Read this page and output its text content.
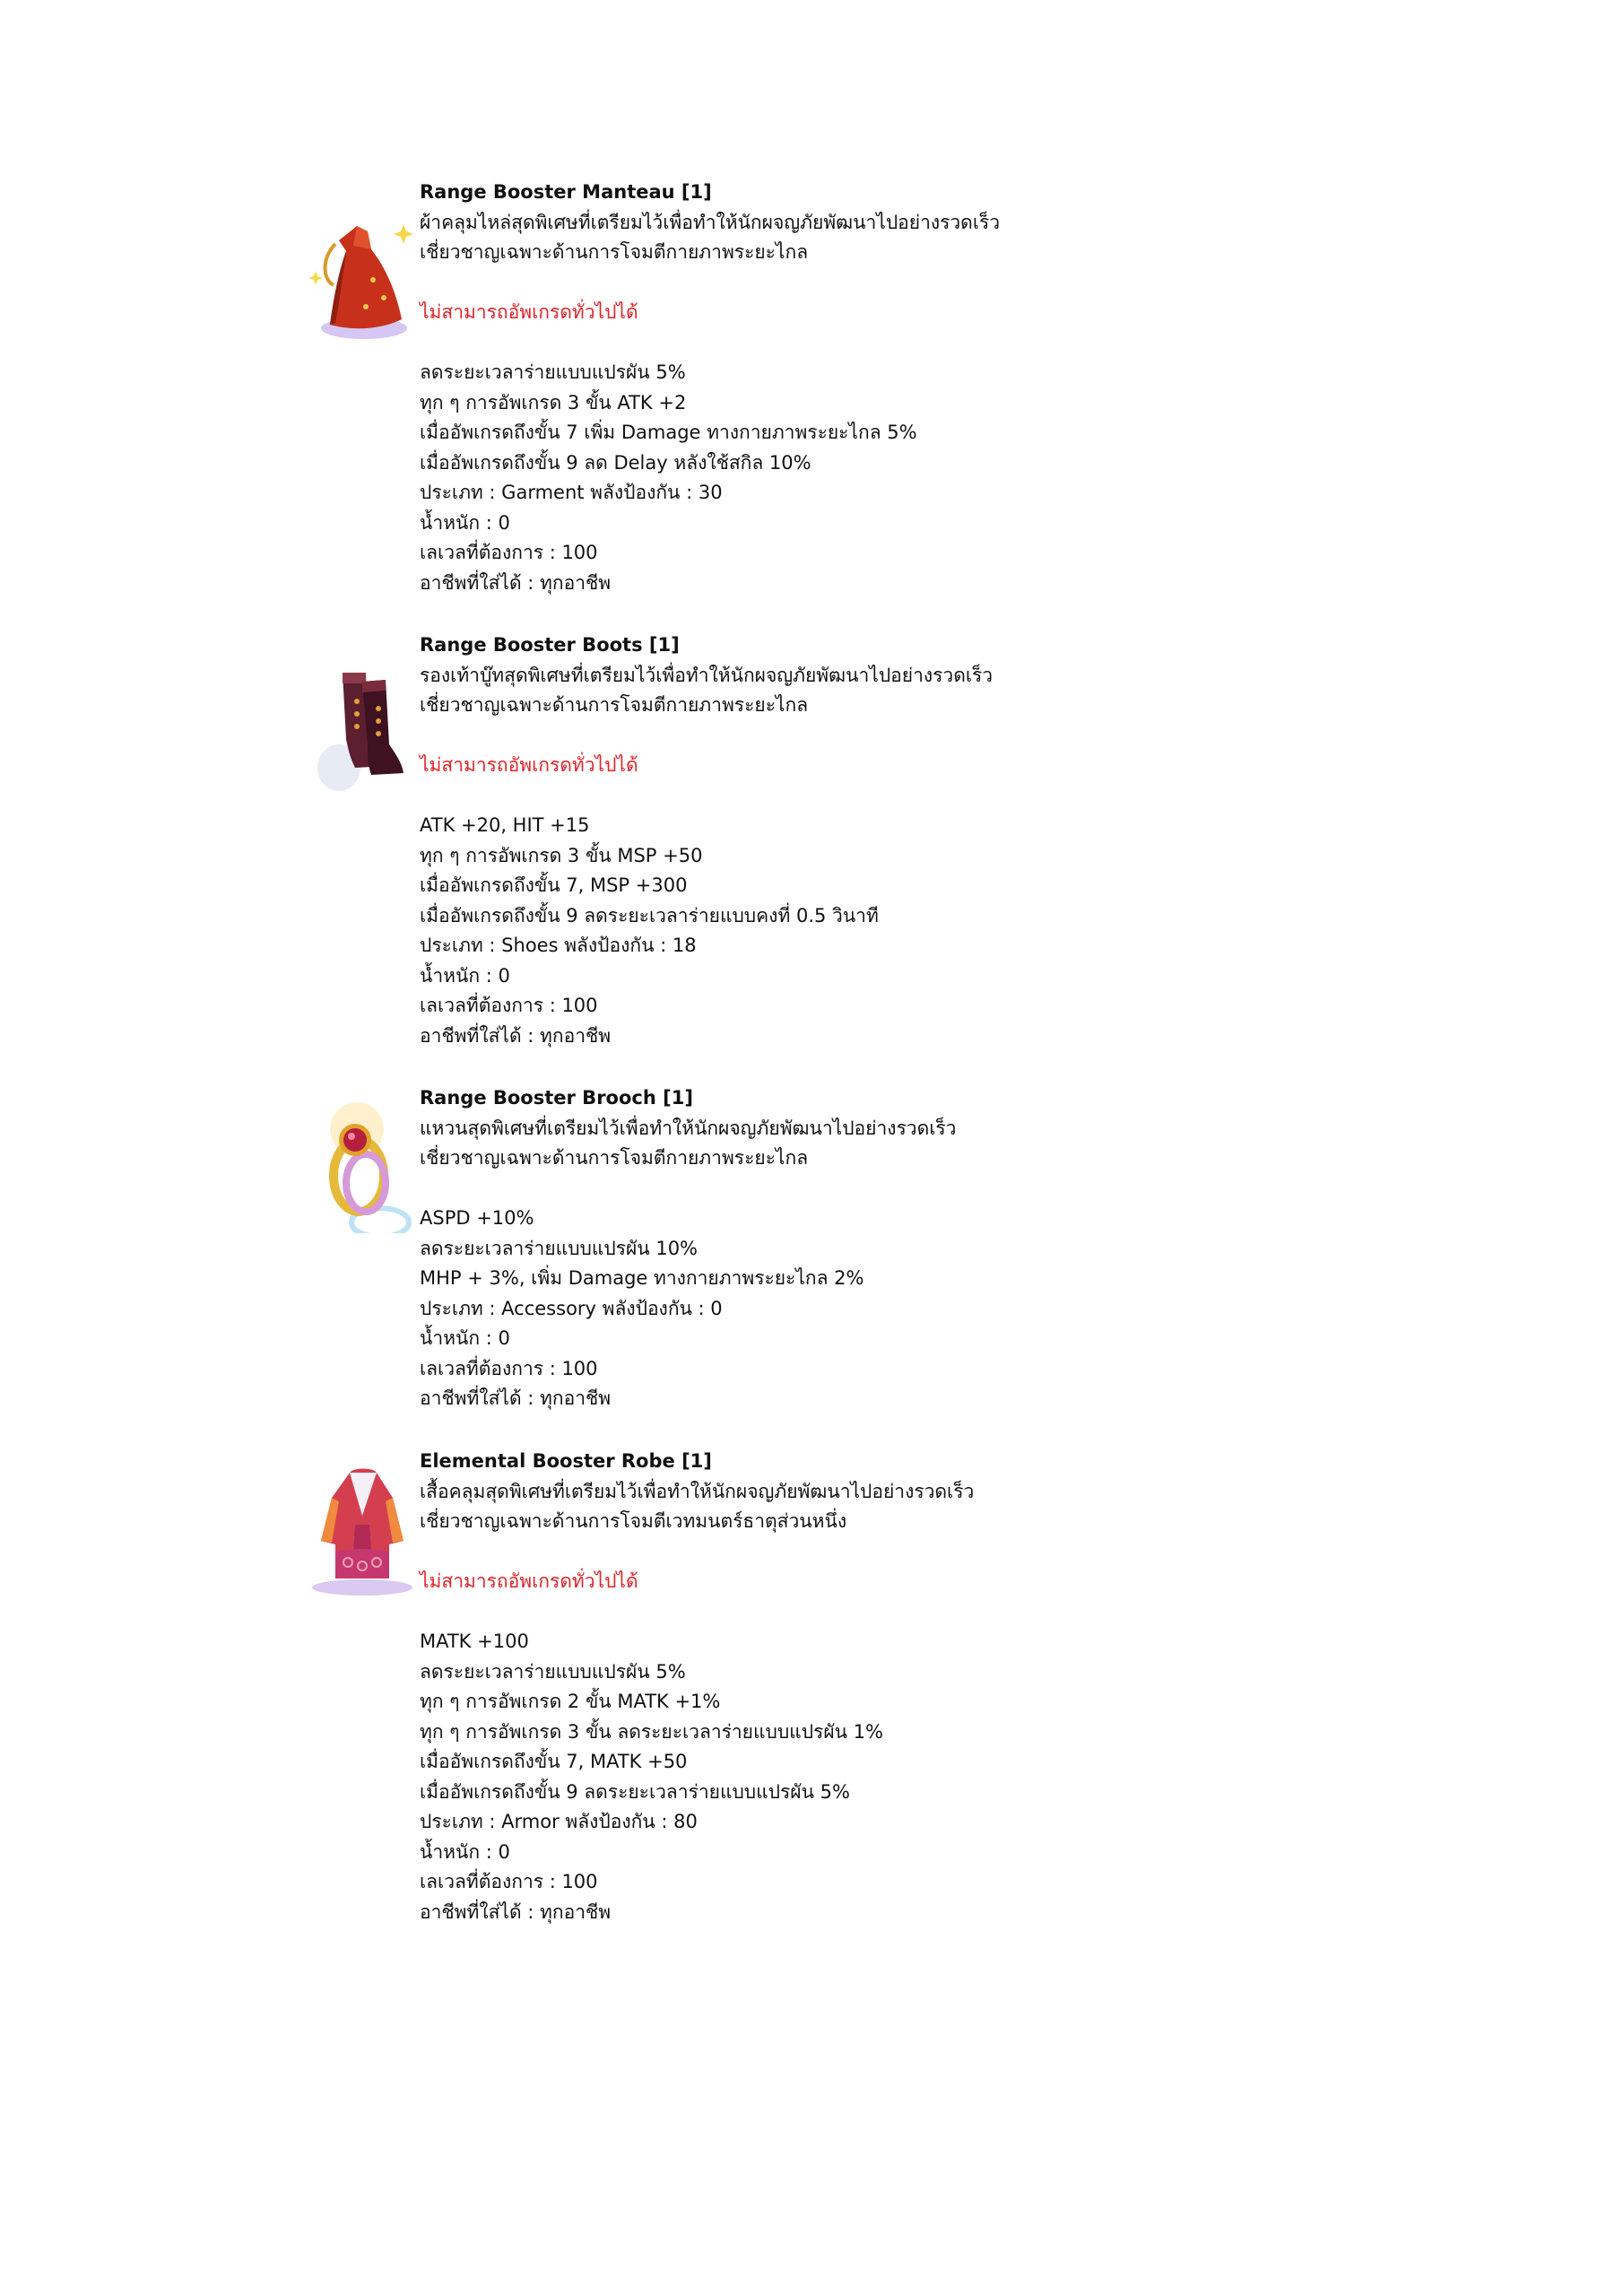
Range Booster Manteau [1]
ผ้าคลุมไหล่สุดพิเศษที่เตรียมไว้เพื่อทำให้นักผจญภัยพัฒนาไปอย่างรวดเร็ว
เชี่ยวชาญเฉพาะด้านการโจมตีกายภาพระยะไกล
ไม่สามารถอัพเกรดทั่วไปได้
ลดระยะเวลาร่ายแบบแปรผัน 5%
ทุก ๆ การอัพเกรด 3 ขั้น ATK +2
เมื่ออัพเกรดถึงขั้น 7 เพิ่ม Damage ทางกายภาพระยะไกล 5%
เมื่ออัพเกรดถึงขั้น 9 ลด Delay หลังใช้สกิล 10%
ประเภท : Garment พลังป้องกัน : 30
น้ำหนัก : 0
เลเวลที่ต้องการ : 100
อาชีพที่ใส่ได้ : ทุกอาชีพ
Range Booster Boots [1]
รองเท้าบู๊ทสุดพิเศษที่เตรียมไว้เพื่อทำให้นักผจญภัยพัฒนาไปอย่างรวดเร็ว
เชี่ยวชาญเฉพาะด้านการโจมตีกายภาพระยะไกล
ไม่สามารถอัพเกรดทั่วไปได้
ATK +20, HIT +15
ทุก ๆ การอัพเกรด 3 ขั้น MSP +50
เมื่ออัพเกรดถึงขั้น 7, MSP +300
เมื่ออัพเกรดถึงขั้น 9 ลดระยะเวลาร่ายแบบคงที่ 0.5 วินาที
ประเภท : Shoes พลังป้องกัน : 18
น้ำหนัก : 0
เลเวลที่ต้องการ : 100
อาชีพที่ใส่ได้ : ทุกอาชีพ
Range Booster Brooch [1]
แหวนสุดพิเศษที่เตรียมไว้เพื่อทำให้นักผจญภัยพัฒนาไปอย่างรวดเร็ว
เชี่ยวชาญเฉพาะด้านการโจมตีกายภาพระยะไกล
ASPD +10%
ลดระยะเวลาร่ายแบบแปรผัน 10%
MHP + 3%, เพิ่ม Damage ทางกายภาพระยะไกล 2%
ประเภท : Accessory พลังป้องกัน : 0
น้ำหนัก : 0
เลเวลที่ต้องการ : 100
อาชีพที่ใส่ได้ : ทุกอาชีพ
Elemental Booster Robe [1]
เสื้อคลุมสุดพิเศษที่เตรียมไว้เพื่อทำให้นักผจญภัยพัฒนาไปอย่างรวดเร็ว
เชี่ยวชาญเฉพาะด้านการโจมตีเวทมนตร์ธาตุส่วนหนึ่ง
ไม่สามารถอัพเกรดทั่วไปได้
MATK +100
ลดระยะเวลาร่ายแบบแปรผัน 5%
ทุก ๆ การอัพเกรด 2 ขั้น MATK +1%
ทุก ๆ การอัพเกรด 3 ขั้น ลดระยะเวลาร่ายแบบแปรผัน 1%
เมื่ออัพเกรดถึงขั้น 7, MATK +50
เมื่ออัพเกรดถึงขั้น 9 ลดระยะเวลาร่ายแบบแปรผัน 5%
ประเภท : Armor พลังป้องกัน : 80
น้ำหนัก : 0
เลเวลที่ต้องการ : 100
อาชีพที่ใส่ได้ : ทุกอาชีพ
